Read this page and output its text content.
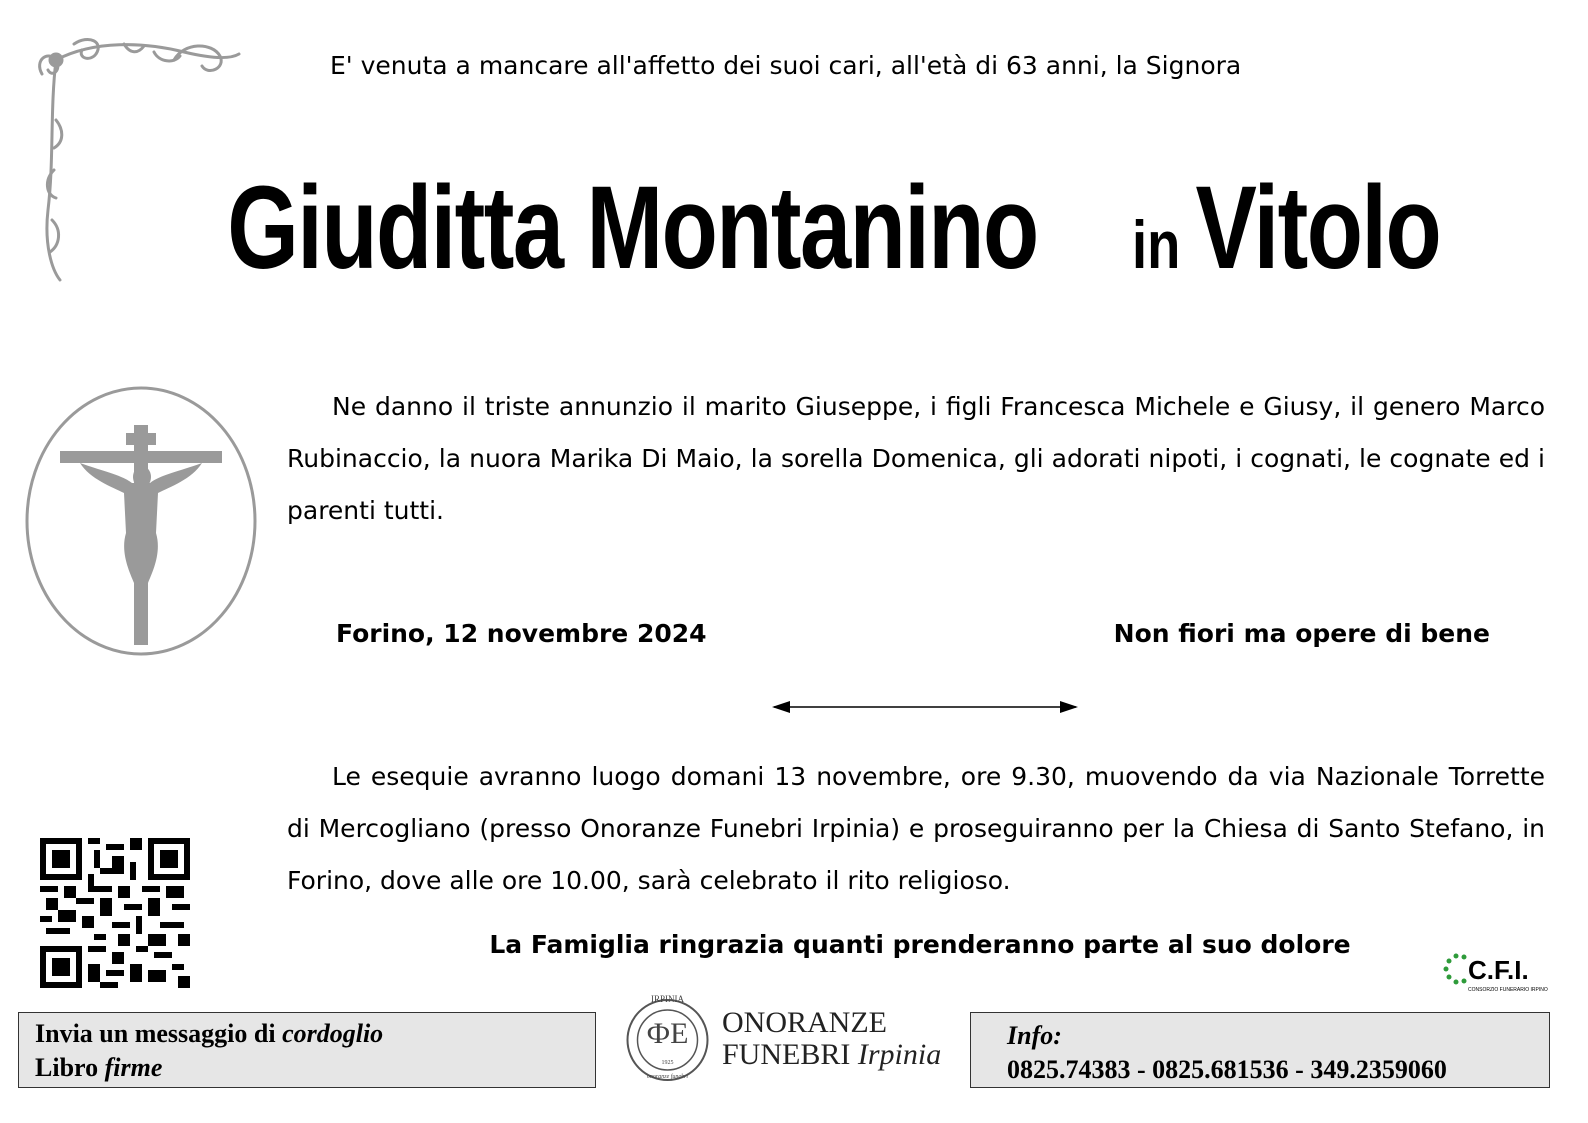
E' venuta a mancare all'affetto dei suoi cari, all'età di 63 anni, la Signora
Giuditta Montanino in Vitolo
Ne danno il triste annunzio il marito Giuseppe, i figli Francesca Michele e Giusy, il genero Marco Rubinaccio, la nuora Marika Di Maio, la sorella Domenica, gli adorati nipoti, i cognati, le cognate ed i parenti tutti.
Forino, 12 novembre 2024	Non fiori ma opere di bene
Le esequie avranno luogo domani 13 novembre, ore 9.30, muovendo da via Nazionale Torrette di Mercogliano (presso Onoranze Funebri Irpinia) e proseguiranno per la Chiesa di Santo Stefano, in Forino, dove alle ore 10.00, sarà celebrato il rito religioso.
La Famiglia ringrazia quanti prenderanno parte al suo dolore
C.F.I.
CONSORZIO FUNERARIO IRPINO
Invia un messaggio di cordoglio
Libro firme
IRPINIA
ФЕ
1925
onoranze funebri
ONORANZE
FUNEBRI Irpinia
Info:
0825.74383 - 0825.681536 - 349.2359060
